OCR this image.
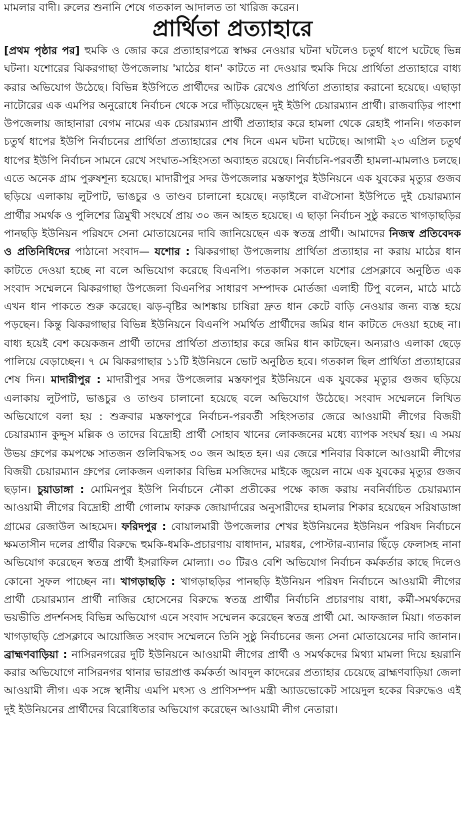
মামলার বাদী। রুলের শুনানি শেষে গতকাল আদালত তা খারিজ করেন।
প্রার্থিতা প্রত্যাহারে

[প্রথম পৃষ্ঠার পর] হুমকি ও জোর করে প্রত্যাহারপত্রে স্বাক্ষর নেওয়ার ঘটনা ঘটলেও চতুর্থ ধাপে ঘটেছে ভিন্ন ঘটনা। যশোরের ঝিকরগাছা উপজেলায় 'মাঠের ধান' কাটতে না দেওয়ার হুমকি দিয়ে প্রার্থিতা প্রত্যাহারে বাধ্য করার অভিযোগ উঠেছে। বিভিন্ন ইউপিতে প্রার্থীদের আটক রেখেও প্রার্থিতা প্রত্যাহার করানো হয়েছে। এছাড়া নাটোরের এক এমপির অনুরোধে নির্বাচন থেকে সরে দাঁড়িয়েছেন দুই ইউপি চেয়ারম্যান প্রার্থী। রাজবাড়ির পাংশা উপজেলায় জাহানারা বেগম নামের এক চেয়ারম্যান প্রার্থী প্রত্যাহার করে হামলা থেকে রেহাই পাননি। গতকাল চতুর্থ ধাপের ইউপি নির্বাচনের প্রার্থিতা প্রত্যাহারের শেষ দিনে এমন ঘটনা ঘটেছে। আগামী ২৩ এপ্রিল চতুর্থ ধাপের ইউপি নির্বাচন সামনে রেখে সংঘাত-সহিংসতা অব্যাহত রয়েছে। নির্বাচনি-পরবর্তী হামলা-মামলাও চলছে। এতে অনেক গ্রাম পুরুষশূন্য হয়েছে। মাদারীপুর সদর উপজেলার মস্তফাপুর ইউনিয়নে এক যুবকের মৃত্যুর গুজব ছড়িয়ে এলাকায় লুটপাট, ভাঙচুর ও তাণ্ডব চালানো হয়েছে। নড়াইলে বাঐসোনা ইউপিতে দুই চেয়ারম্যান প্রার্থীর সমর্থক ও পুলিশের ত্রিমুখী সংঘর্ষে প্রায় ৩০ জন আহত হয়েছে। এ ছাড়া নির্বাচন সুষ্ঠু করতে খাগড়াছড়ির পানছড়ি ইউনিয়ন পরিষদে সেনা মোতায়েনের দাবি জানিয়েছেন এক স্বতন্ত্র প্রার্থী। আমাদের নিজস্ব প্রতিবেদক ও প্রতিনিধিদের পাঠানো সংবাদ— যশোর : ঝিকরগাছা উপজেলায় প্রার্থিতা প্রত্যাহার না করায় মাঠের ধান কাটতে দেওয়া হচ্ছে না বলে অভিযোগ করেছে বিএনপি। গতকাল সকালে যশোর প্রেসক্লাবে অনুষ্ঠিত এক সংবাদ সম্মেলনে ঝিকরগাছা উপজেলা বিএনপির সাধারণ সম্পাদক মোর্তজা এলাহী টিপু বলেন, মাঠে মাঠে এখন ধান পাকতে শুরু করেছে। ঝড়-বৃষ্টির আশঙ্কায় চাষিরা দ্রুত ধান কেটে বাড়ি নেওয়ার জন্য ব্যস্ত হয়ে পড়ছেন। কিন্তু ঝিকরগাছার বিভিন্ন ইউনিয়নে বিএনপি সমর্থিত প্রার্থীদের জমির ধান কাটতে দেওয়া হচ্ছে না। বাধ্য হয়েই বেশ কয়েকজন প্রার্থী তাদের প্রার্থিতা প্রত্যাহার করে জমির ধান কাটছেন। অন্যরাও এলাকা ছেড়ে পালিয়ে বেড়াচ্ছেন। ৭ মে ঝিকরগাছার ১১টি ইউনিয়নে ভোট অনুষ্ঠিত হবে। গতকাল ছিল প্রার্থিতা প্রত্যাহারের শেষ দিন। মাদারীপুর : মাদারীপুর সদর উপজেলার মস্তফাপুর ইউনিয়নে এক যুবকের মৃত্যুর গুজব ছড়িয়ে এলাকায় লুটপাট, ভাঙচুর ও তাণ্ডব চালানো হয়েছে বলে অভিযোগ উঠেছে। সংবাদ সম্মেলনে লিখিত অভিযোগে বলা হয় : শুক্রবার মস্তফাপুরে নির্বাচন-পরবর্তী সহিংসতার জেরে আওয়ামী লীগের বিজয়ী চেয়ারম্যান কুদ্দুস মল্লিক ও তাদের বিদ্রোহী প্রার্থী সোহাব খানের লোকজনের মধ্যে ব্যাপক সংঘর্ষ হয়। এ সময় উভয় গ্রুপের কমপক্ষে সাতজন গুলিবিদ্ধসহ ৩০ জন আহত হন। এর জেরে শনিবার বিকালে আওয়ামী লীগের বিজয়ী চেয়ারম্যান গ্রুপের লোকজন এলাকার বিভিন্ন মসজিদের মাইকে জুয়েল নামে এক যুবকের মৃত্যুর গুজব ছড়ান। চুয়াডাঙ্গা : মোমিনপুর ইউপি নির্বাচনে নৌকা প্রতীকের পক্ষে কাজ করায় নবনির্বাচিত চেয়ারম্যান আওয়ামী লীগের বিদ্রোহী প্রার্থী গোলাম ফারুক জোয়ার্দারের অনুসারীদের হামলার শিকার হয়েছেন সরিষাডাঙ্গা গ্রামের রেজাউল আহমেদ। ফরিদপুর : বোয়ালমারী উপজেলার শেখর ইউনিয়নের ইউনিয়ন পরিষদ নির্বাচনে ক্ষমতাসীন দলের প্রার্থীর বিরুদ্ধে হুমকি-ধমকি-প্রচারণায় বাধাদান, মারধর, পোস্টার-ব্যানার ছিঁড়ে ফেলাসহ নানা অভিযোগ করেছেন স্বতন্ত্র প্রার্থী ইসরাফিল মোল্যা। ৩০ টিরও বেশি অভিযোগ নির্বাচন কর্মকর্তার কাছে দিলেও কোনো সুফল পাচ্ছেন না। খাগড়াছড়ি : খাগড়াছড়ির পানছড়ি ইউনিয়ন পরিষদ নির্বাচনে আওয়ামী লীগের প্রার্থী চেয়ারম্যান প্রার্থী নাজির হোসেনের বিরুদ্ধে স্বতন্ত্র প্রার্থীর নির্বাচনি প্রচারণায় বাধা, কর্মী-সমর্থকদের ভয়ভীতি প্রদর্শনসহ বিভিন্ন অভিযোগ এনে সংবাদ সম্মেলন করেছেন স্বতন্ত্র প্রার্থী মো. আফজাল মিয়া। গতকাল খাগড়াছড়ি প্রেসক্লাবে আয়োজিত সংবাদ সম্মেলনে তিনি সুষ্ঠু নির্বাচনের জন্য সেনা মোতায়েনের দাবি জানান। ব্রাহ্মণবাড়িয়া : নাসিরনগরের দুটি ইউনিয়নে আওয়ামী লীগের প্রার্থী ও সমর্থকদের মিথ্যা মামলা দিয়ে হয়রানি করার অভিযোগে নাসিরনগর থানার ভারপ্রাপ্ত কর্মকর্তা আবদুল কাদেরের প্রত্যাহার চেয়েছে ব্রাহ্মণবাড়িয়া জেলা আওয়ামী লীগ। এক সঙ্গে স্থানীয় এমপি মৎস্য ও প্রাণিসম্পদ মন্ত্রী অ্যাডভোকেট সায়েদুল হকের বিরুদ্ধেও এই দুই ইউনিয়নের প্রার্থীদের বিরোধিতার অভিযোগ করেছেন আওয়ামী লীগ নেতারা।
